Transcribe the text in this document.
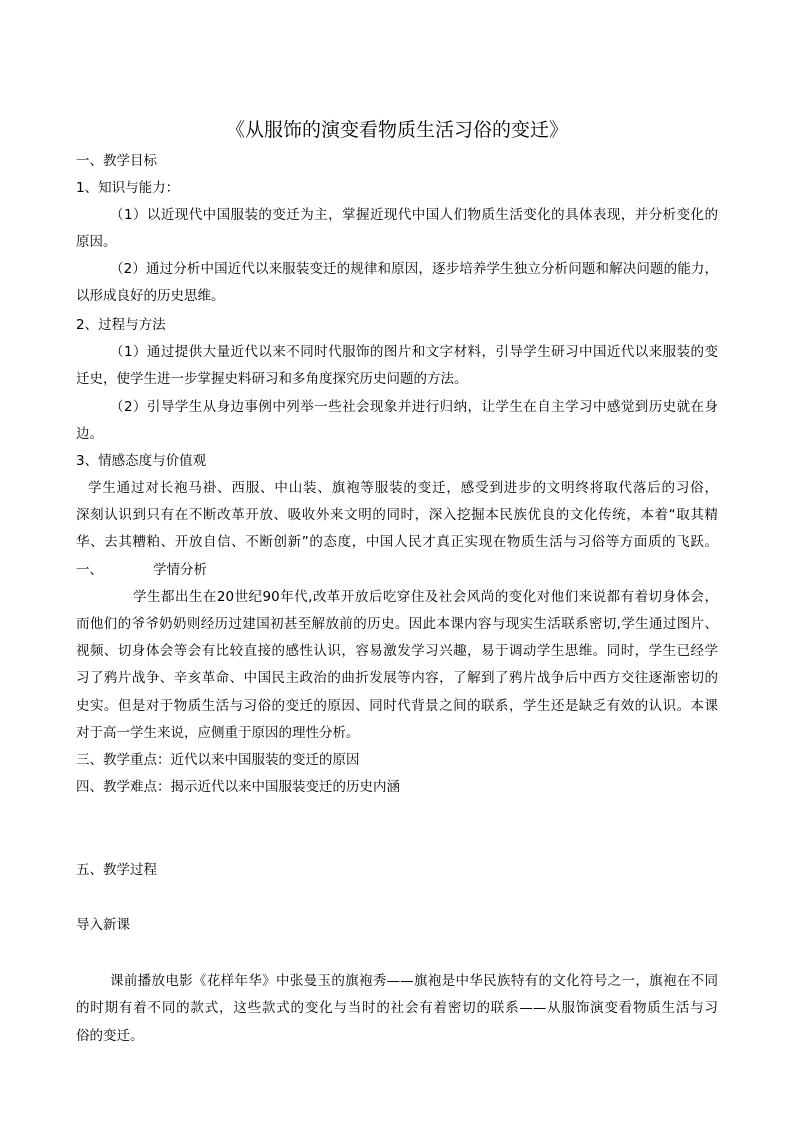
《从服饰的演变看物质生活习俗的变迁》
一、教学目标
1、知识与能力：
（1）以近现代中国服装的变迁为主，掌握近现代中国人们物质生活变化的具体表现，并分析变化的
原因。
（2）通过分析中国近代以来服装变迁的规律和原因，逐步培养学生独立分析问题和解决问题的能力，
以形成良好的历史思维。
2、过程与方法
（1）通过提供大量近代以来不同时代服饰的图片和文字材料，引导学生研习中国近代以来服装的变
迁史，使学生进一步掌握史料研习和多角度探究历史问题的方法。
（2）引导学生从身边事例中列举一些社会现象并进行归纳，让学生在自主学习中感觉到历史就在身
边。
3、情感态度与价值观
学生通过对长袍马褂、西服、中山装、旗袍等服装的变迁，感受到进步的文明终将取代落后的习俗，
深刻认识到只有在不断改革开放、吸收外来文明的同时，深入挖掘本民族优良的文化传统，本着“取其精
华、去其糟粕、开放自信、不断创新”的态度，中国人民才真正实现在物质生活与习俗等方面质的飞跃。
一、	学情分析
学生都出生在20世纪90年代,改革开放后吃穿住及社会风尚的变化对他们来说都有着切身体会，
而他们的爷爷奶奶则经历过建国初甚至解放前的历史。因此本课内容与现实生活联系密切,学生通过图片、
视频、切身体会等会有比较直接的感性认识，容易激发学习兴趣，易于调动学生思维。同时，学生已经学
习了鸦片战争、辛亥革命、中国民主政治的曲折发展等内容，了解到了鸦片战争后中西方交往逐渐密切的
史实。但是对于物质生活与习俗的变迁的原因、同时代背景之间的联系，学生还是缺乏有效的认识。本课
对于高一学生来说，应侧重于原因的理性分析。
三、教学重点：近代以来中国服装的变迁的原因
四、教学难点：揭示近代以来中国服装变迁的历史内涵
五、教学过程
导入新课
课前播放电影《花样年华》中张曼玉的旗袍秀——旗袍是中华民族特有的文化符号之一，旗袍在不同
的时期有着不同的款式，这些款式的变化与当时的社会有着密切的联系——从服饰演变看物质生活与习
俗的变迁。
